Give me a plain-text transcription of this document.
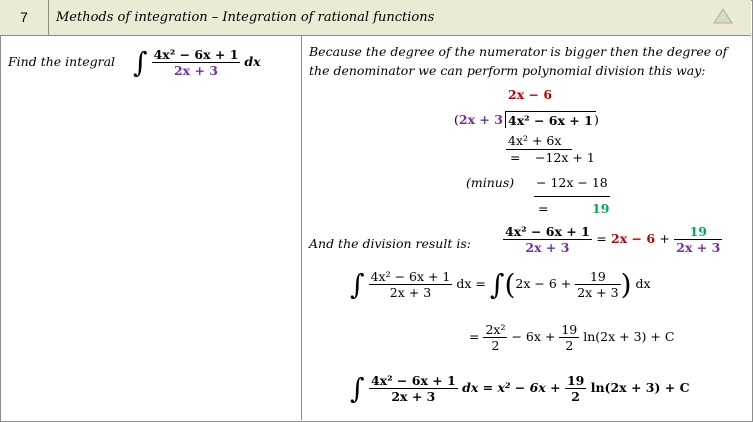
7	Methods of integration – Integration of rational functions
Find the integral ∫ $\frac{\text{4x² − 6x + 1}}{2x + 3}$ dx
Because the degree of the numerator is bigger then the degree of the denominator we can perform polynomial division this way:
2x − 6
(2x + 3 4x² − 6x + 1 )
4x² + 6x
= −12x + 1
(minus) − 12x − 18
=	19
And the division result is:	$\frac{\text{4x² − 6x + 1}}{2x + 3} = 2x - 6 + \frac{19}{2x + 3}$
∫ $\frac{\text{4x² − 6x + 1}}{2x + 3}$ dx = $\int(2x - 6 + \frac{19}{2x + 3}$ ) dx
= $\frac{\text{2x²}}{2} - 6x + \frac{19}{2} \ln(2x + 3) + C$
∫ $\frac{\text{4x² − 6x + 1}}{2x + 3}$ dx = $x^2 - 6x + \frac{19}{2} \ln(2x + 3) + C$
